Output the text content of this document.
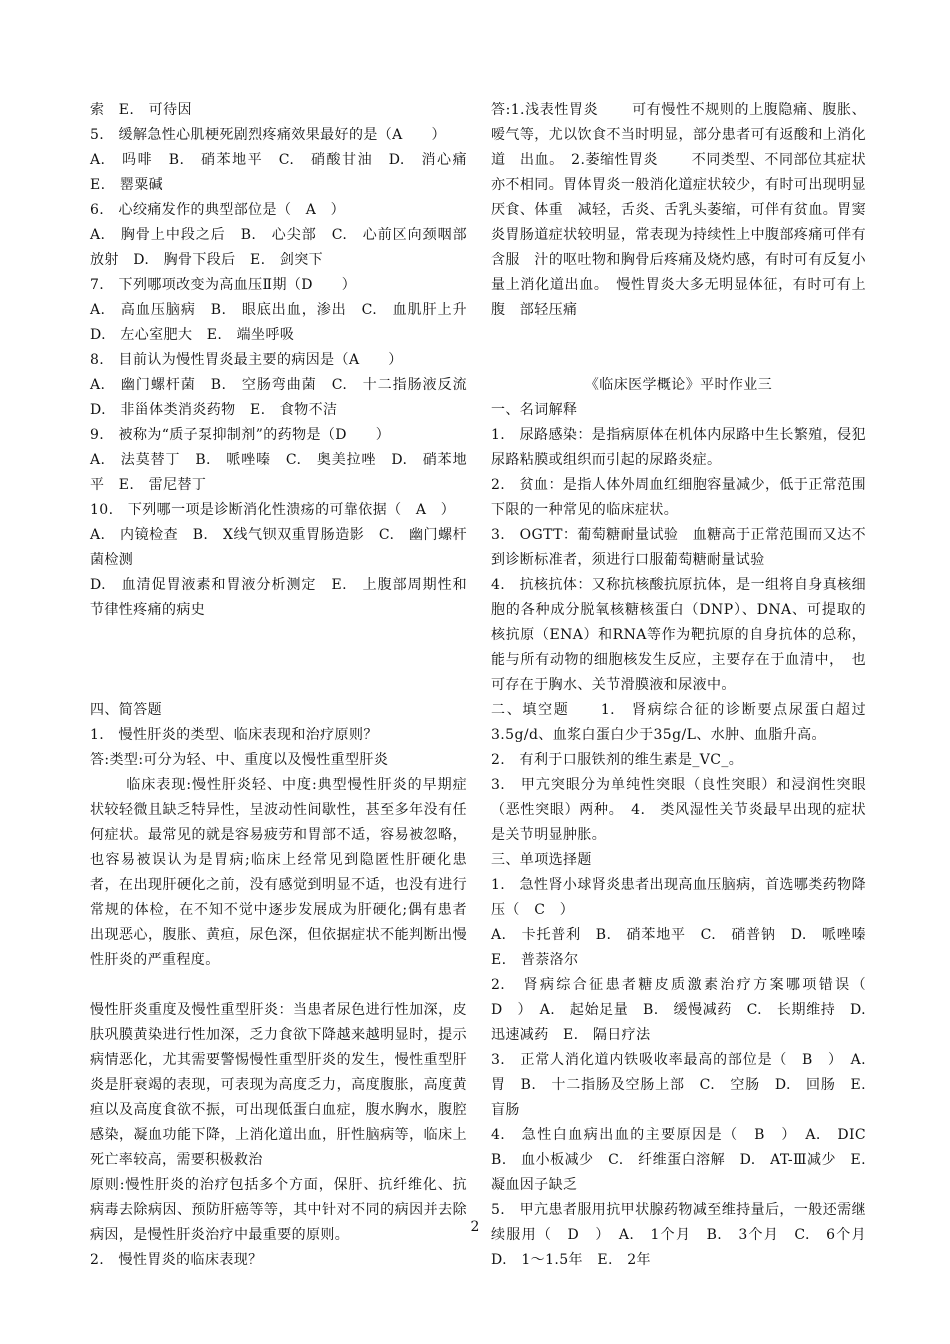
索　E.　可待因

5.　缓解急性心肌梗死剧烈疼痛效果最好的是（A　　）

A.　吗啡　B.　硝苯地平　C.　硝酸甘油　D.　消心痛　E.　罂粟碱

6.　心绞痛发作的典型部位是（　A　）

A.　胸骨上中段之后　B.　心尖部　C.　心前区向颈咽部放射　D.　胸骨下段后　E.　剑突下

7.　下列哪项改变为高血压Ⅱ期（D　　）

A.　高血压脑病　B.　眼底出血，渗出　C.　血肌肝上升　D.　左心室肥大　E.　端坐呼吸

8.　目前认为慢性胃炎最主要的病因是（A　　）

A.　幽门螺杆菌　B.　空肠弯曲菌　C.　十二指肠液反流　D.　非甾体类消炎药物　E.　食物不洁

9.　被称为“质子泵抑制剂”的药物是（D　　）

A.　法莫替丁　B.　哌唑嗪　C.　奥美拉唑　D.　硝苯地平　E.　雷尼替丁

10.　下列哪一项是诊断消化性溃疡的可靠依据（　A　）

A.　内镜检查　B.　X线气钡双重胃肠造影　C.　幽门螺杆菌检测

D.　血清促胃液素和胃液分析测定　E.　上腹部周期性和节律性疼痛的病史

四、简答题

1.　慢性肝炎的类型、临床表现和治疗原则？

答:类型:可分为轻、中、重度以及慢性重型肝炎

临床表现:慢性肝炎轻、中度:典型慢性肝炎的早期症状较轻微且缺乏特异性，呈波动性间歇性，甚至多年没有任何症状。最常见的就是容易疲劳和胃部不适，容易被忽略，也容易被误认为是胃病;临床上经常见到隐匿性肝硬化患者，在出现肝硬化之前，没有感觉到明显不适，也没有进行常规的体检，在不知不觉中逐步发展成为肝硬化;偶有患者出现恶心，腹胀、黄疸，尿色深，但依据症状不能判断出慢性肝炎的严重程度。

慢性肝炎重度及慢性重型肝炎：当患者尿色进行性加深，皮肤巩膜黄染进行性加深，乏力食欲下降越来越明显时，提示病情恶化，尤其需要警惕慢性重型肝炎的发生，慢性重型肝炎是肝衰竭的表现，可表现为高度乏力，高度腹胀，高度黄疸以及高度食欲不振，可出现低蛋白血症，腹水胸水，腹腔感染，凝血功能下降，上消化道出血，肝性脑病等，临床上死亡率较高，需要积极救治

原则:慢性肝炎的治疗包括多个方面，保肝、抗纤维化、抗病毒去除病因、预防肝癌等等，其中针对不同的病因并去除病因，是慢性肝炎治疗中最重要的原则。

2.　慢性胃炎的临床表现？

答:1.浅表性胃炎 可有慢性不规则的上腹隐痛、腹胀、嗳气等，尤以饮食不当时明显，部分患者可有返酸和上消化道　出血。　2.萎缩性胃炎 不同类型、不同部位其症状亦不相同。胃体胃炎一般消化道症状较少，有时可出现明显厌食、体重　减轻，舌炎、舌乳头萎缩，可伴有贫血。胃窦炎胃肠道症状较明显，常表现为持续性上中腹部疼痛可伴有含服　汁的呕吐物和胸骨后疼痛及烧灼感，有时可有反复小量上消化道出血。　慢性胃炎大多无明显体征，有时可有上腹　部轻压痛

《临床医学概论》平时作业三

一、名词解释

1.　尿路感染：是指病原体在机体内尿路中生长繁殖，侵犯尿路粘膜或组织而引起的尿路炎症。

2.　贫血：是指人体外周血红细胞容量减少，低于正常范围下限的一种常见的临床症状。

3.　OGTT：葡萄糖耐量试验　血糖高于正常范围而又达不到诊断标准者，须进行口服葡萄糖耐量试验

4.　抗核抗体：又称抗核酸抗原抗体，是一组将自身真核细胞的各种成分脱氧核糖核蛋白（DNP）、DNA、可提取的　核抗原（ENA）和RNA等作为靶抗原的自身抗体的总称，能与所有动物的细胞核发生反应，主要存在于血清中，　也可存在于胸水、关节滑膜液和尿液中。

二、填空题　　1.　肾病综合征的诊断要点尿蛋白超过3.5g/d、血浆白蛋白少于35g/L、水肿、血脂升高。

2.　有利于口服铁剂的维生素是_VC_。

3.　甲亢突眼分为单纯性突眼（良性突眼）和浸润性突眼（恶性突眼）两种。　4.　类风湿性关节炎最早出现的症状是关节明显肿胀。

三、单项选择题

1.　急性肾小球肾炎患者出现高血压脑病，首选哪类药物降压（　C　）

A.　卡托普利　B.　硝苯地平　C.　硝普钠　D.　哌唑嗪　E.　普萘洛尔

2.　肾病综合征患者糖皮质激素治疗方案哪项错误（　D　）　A.　起始足量　B.　缓慢减药　C.　长期维持　D.　迅速减药　E.　隔日疗法

3.　正常人消化道内铁吸收率最高的部位是（　B　）　A.　胃　B.　十二指肠及空肠上部　C.　空肠　D.　回肠　E.　盲肠

4.　急性白血病出血的主要原因是（　B　）　A.　DIC　B.　血小板减少　C.　纤维蛋白溶解　D.　AT-Ⅲ减少　E.　凝血因子缺乏

5.　甲亢患者服用抗甲状腺药物减至维持量后，一般还需继续服用（　D　）　A.　1个月　B.　3个月　C.　6个月　D.　1～1.5年　E.　2年

2
